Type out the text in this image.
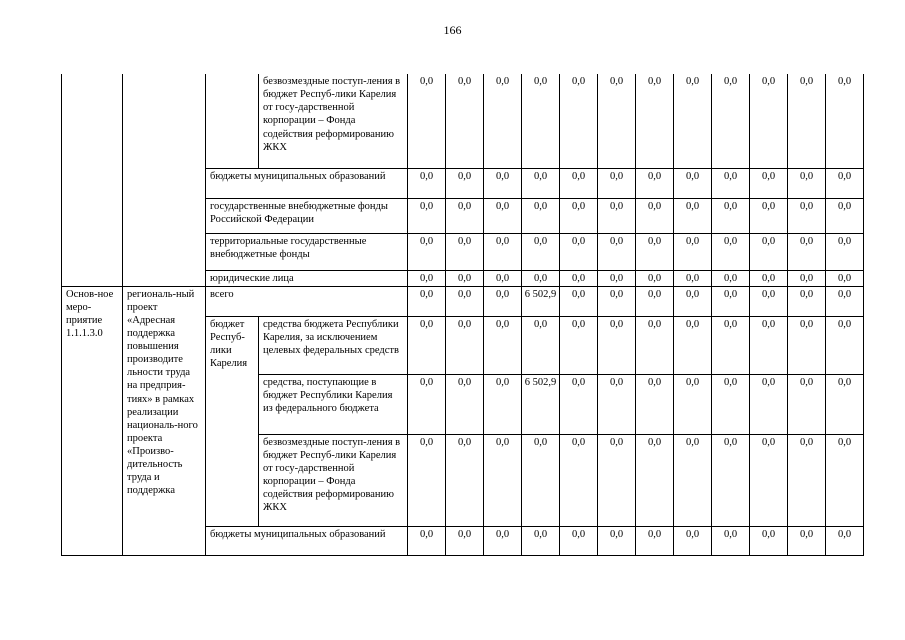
166
			безвозмездные поступ-ления в бюджет Респуб-лики Карелия от госу-дарственной корпорации – Фонда содействия реформированию ЖКХ	0,0	0,0	0,0	0,0	0,0	0,0	0,0	0,0	0,0	0,0	0,0	0,0
		бюджеты муниципальных образований		0,0	0,0	0,0	0,0	0,0	0,0	0,0	0,0	0,0	0,0	0,0	0,0
		государственные внебюджетные фонды Российской Федерации		0,0	0,0	0,0	0,0	0,0	0,0	0,0	0,0	0,0	0,0	0,0	0,0
		территориальные государственные внебюджетные фонды		0,0	0,0	0,0	0,0	0,0	0,0	0,0	0,0	0,0	0,0	0,0	0,0
		юридические лица		0,0	0,0	0,0	0,0	0,0	0,0	0,0	0,0	0,0	0,0	0,0	0,0
Основ-ное меро-приятие 1.1.1.3.0	региональ-ный проект «Адресная поддержка повышения производите льности труда на предприя-тиях» в рамках реализации националь-ного проекта «Произво-дительность труда и поддержка	всего		0,0	0,0	0,0	6 502,9	0,0	0,0	0,0	0,0	0,0	0,0	0,0	0,0
		бюджет Респуб-лики Карелия	средства бюджета Республики Карелия, за исключением целевых федеральных средств	0,0	0,0	0,0	0,0	0,0	0,0	0,0	0,0	0,0	0,0	0,0	0,0
			средства, поступающие в бюджет Республики Карелия из федерального бюджета	0,0	0,0	0,0	6 502,9	0,0	0,0	0,0	0,0	0,0	0,0	0,0	0,0
			безвозмездные поступ-ления в бюджет Респуб-лики Карелия от госу-дарственной корпорации – Фонда содействия реформированию ЖКХ	0,0	0,0	0,0	0,0	0,0	0,0	0,0	0,0	0,0	0,0	0,0	0,0
		бюджеты муниципальных образований		0,0	0,0	0,0	0,0	0,0	0,0	0,0	0,0	0,0	0,0	0,0	0,0
